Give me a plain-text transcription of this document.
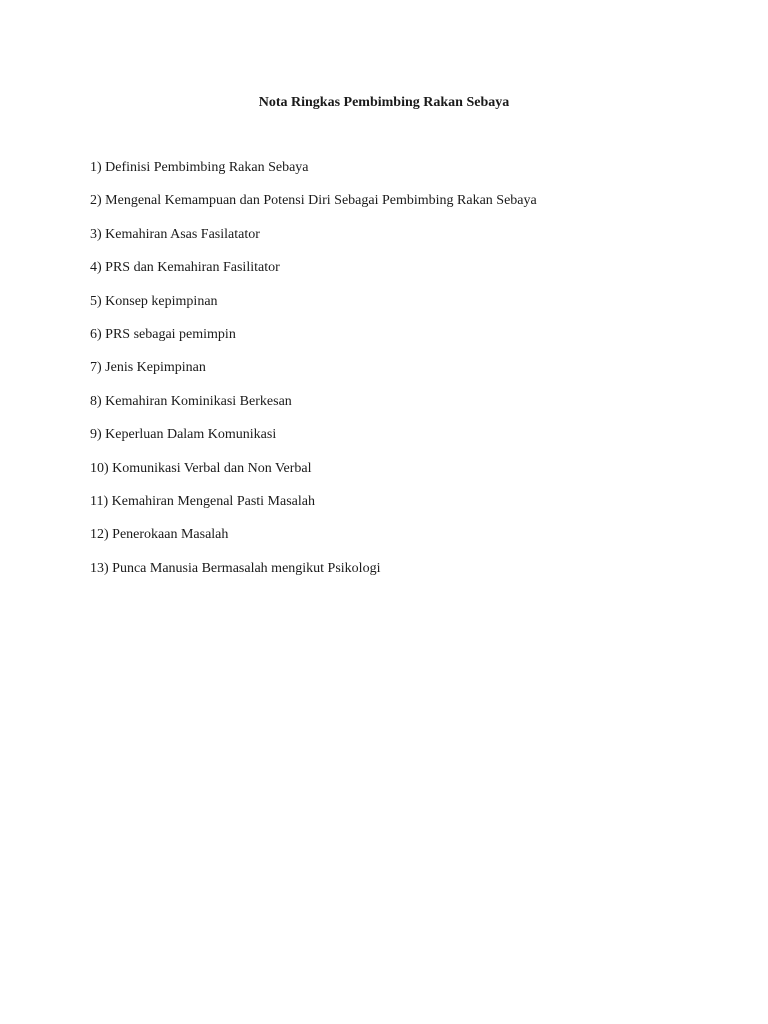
Nota Ringkas Pembimbing Rakan Sebaya
1) Definisi Pembimbing Rakan Sebaya
2) Mengenal Kemampuan dan Potensi Diri Sebagai Pembimbing Rakan Sebaya
3) Kemahiran Asas Fasilatator
4) PRS dan Kemahiran Fasilitator
5) Konsep kepimpinan
6) PRS sebagai pemimpin
7) Jenis Kepimpinan
8) Kemahiran Kominikasi Berkesan
9) Keperluan Dalam Komunikasi
10) Komunikasi Verbal dan Non Verbal
11) Kemahiran Mengenal Pasti Masalah
12) Penerokaan Masalah
13) Punca Manusia Bermasalah mengikut Psikologi
